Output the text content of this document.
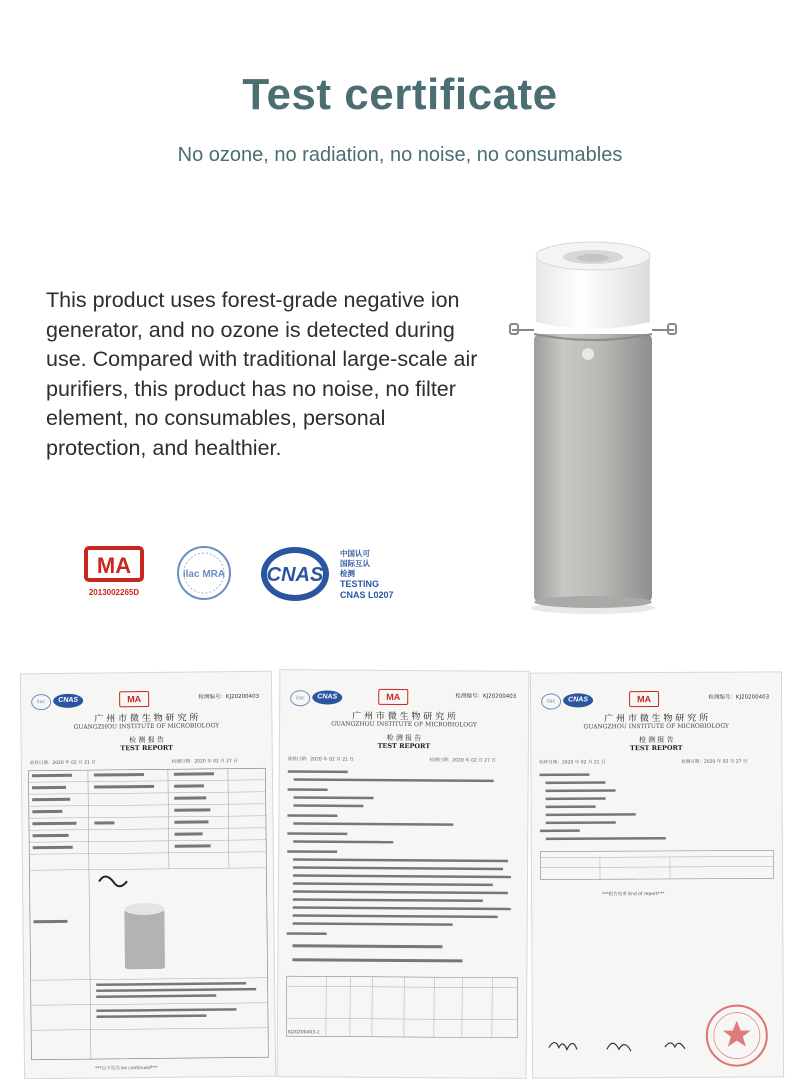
Test certificate
No ozone, no radiation, no noise, no consumables
This product uses forest-grade negative ion generator, and no ozone is detected during use. Compared with traditional large-scale air purifiers, this product has no noise, no filter element, no consumables, personal protection, and healthier.
MA
2013002265D
ilac MRA CNAS
中国认可
国际互认
检测
TESTING
CNAS L0207
ilac	CNAS	MA	检测编号：KJ20200403
广 州 市 微 生 物 研 究 所
GUANGZHOU INSTITUTE OF MICROBIOLOGY
检 测 报 告
TEST REPORT
收样日期：2020 年 02 月 21 日	检测日期：2020 年 02 月 27 日
***以下页为 be continued***
ilac	CNAS	MA	检测编号：KJ20200403
广 州 市 微 生 物 研 究 所
GUANGZHOU INSTITUTE OF MICROBIOLOGY
检 测 报 告
TEST REPORT
收样日期：2020 年 02 月 21 日	检测日期：2020 年 02 月 27 日
KJ20200403-1
ilac	CNAS	MA	检测编号：KJ20200403
广 州 市 微 生 物 研 究 所
GUANGZHOU INSTITUTE OF MICROBIOLOGY
检 测 报 告
TEST REPORT
收样日期：2020 年 02 月 21 日	检测日期：2020 年 02 月 27 日
***报告结束 End of report***
